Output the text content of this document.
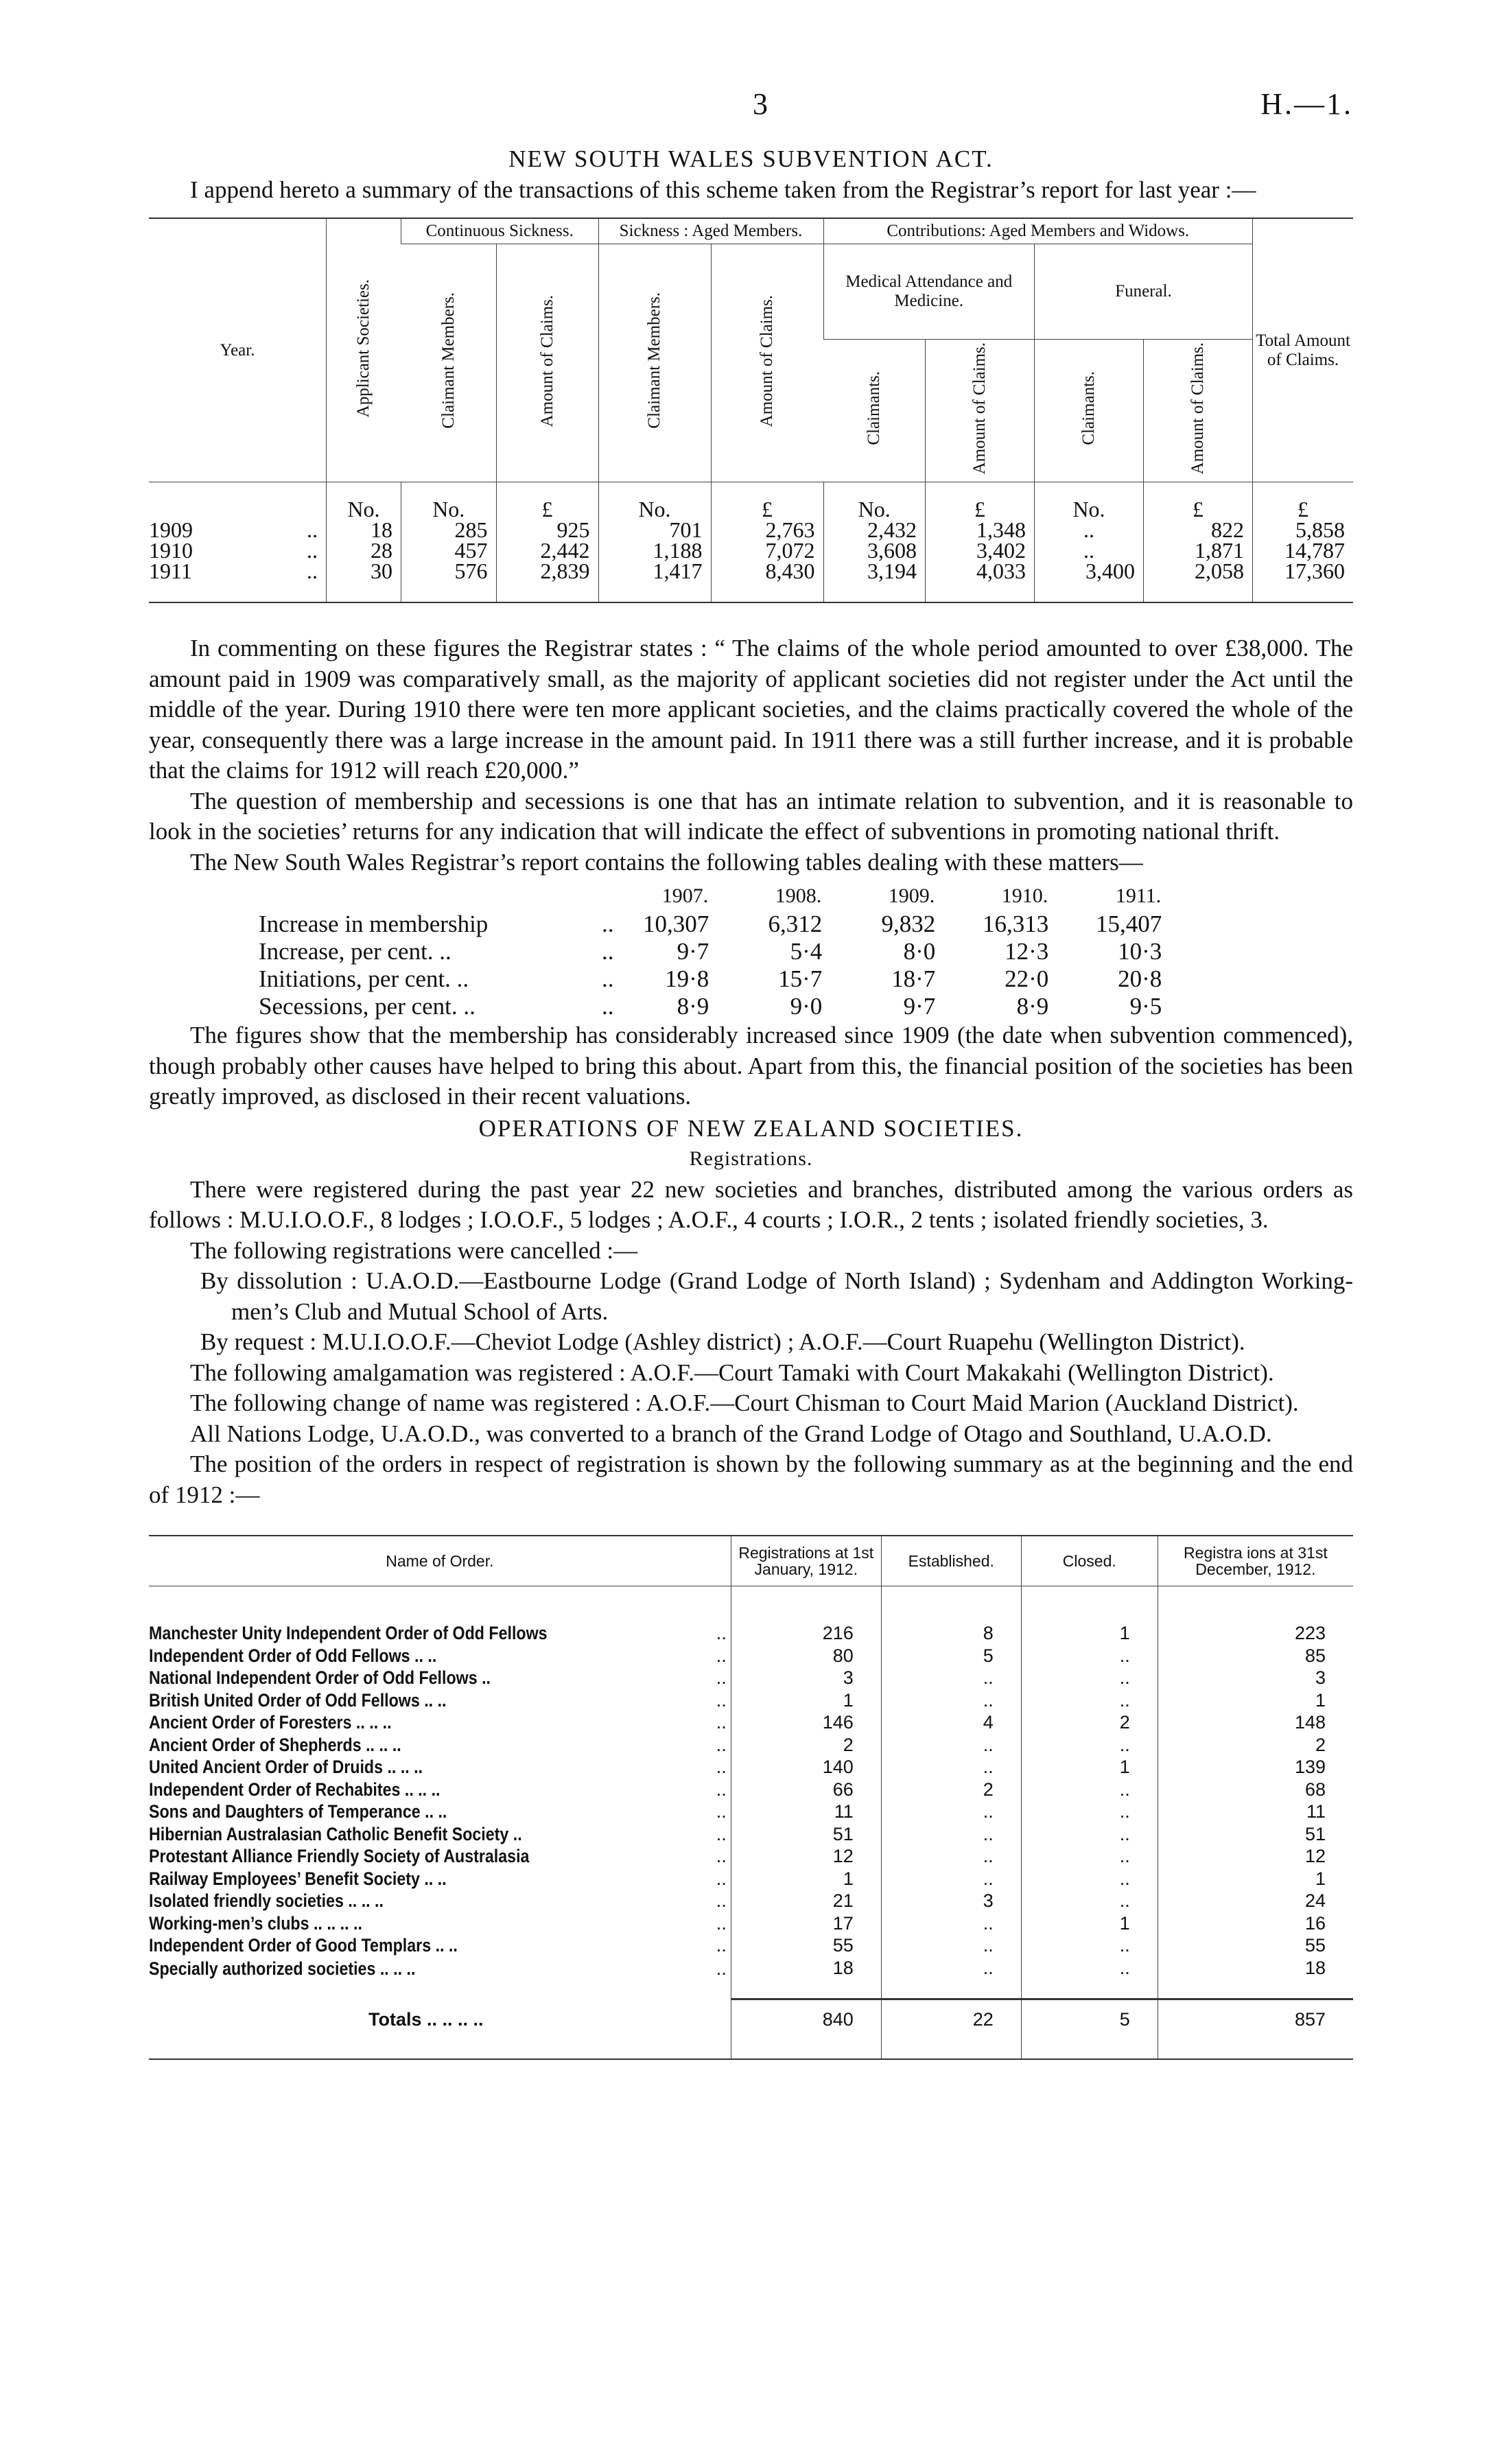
3	H.—1.
NEW SOUTH WALES SUBVENTION ACT.

I append hereto a summary of the transactions of this scheme taken from the Registrar’s report for last year :—

Year.	Applicant Societies.	Continuous Sickness.		Sickness : Aged Members.		Contributions: Aged Members and Widows.				Total Amount of Claims.
		Claimant Members.	Amount of Claims.	Claimant Members.	Amount of Claims.	Medical Attendance and Medicine.		Funeral.		
						Claimants.	Amount of Claims.	Claimants.	Amount of Claims.	
	No.	No.	£	No.	£	No.	£	No.	£	£
1909 ..	18	285	925	701	2,763	2,432	1,348	..	822	5,858
1910 ..	28	457	2,442	1,188	7,072	3,608	3,402	..	1,871	14,787
1911 ..	30	576	2,839	1,417	8,430	3,194	4,033	3,400	2,058	17,360

In commenting on these figures the Registrar states : “ The claims of the whole period amounted to over £38,000. The amount paid in 1909 was comparatively small, as the majority of applicant societies did not register under the Act until the middle of the year. During 1910 there were ten more applicant societies, and the claims practically covered the whole of the year, consequently there was a large increase in the amount paid. In 1911 there was a still further increase, and it is probable that the claims for 1912 will reach £20,000.”

The question of membership and secessions is one that has an intimate relation to subvention, and it is reasonable to look in the societies’ returns for any indication that will indicate the effect of subventions in promoting national thrift.

The New South Wales Registrar’s report contains the following tables dealing with these matters—

		1907.	1908.	1909.	1910.	1911.
Increase in membership	..	10,307	6,312	9,832	16,313	15,407
Increase, per cent. ..	..	9·7	5·4	8·0	12·3	10·3
Initiations, per cent. ..	..	19·8	15·7	18·7	22·0	20·8
Secessions, per cent. ..	..	8·9	9·0	9·7	8·9	9·5

The figures show that the membership has considerably increased since 1909 (the date when subvention commenced), though probably other causes have helped to bring this about. Apart from this, the financial position of the societies has been greatly improved, as disclosed in their recent valuations.

OPERATIONS OF NEW ZEALAND SOCIETIES.
Registrations.

There were registered during the past year 22 new societies and branches, distributed among the various orders as follows : M.U.I.O.O.F., 8 lodges ; I.O.O.F., 5 lodges ; A.O.F., 4 courts ; I.O.R., 2 tents ; isolated friendly societies, 3.

The following registrations were cancelled :—

By dissolution : U.A.O.D.—Eastbourne Lodge (Grand Lodge of North Island) ; Sydenham and Addington Working-men’s Club and Mutual School of Arts.

By request : M.U.I.O.O.F.—Cheviot Lodge (Ashley district) ; A.O.F.—Court Ruapehu (Wellington District).

The following amalgamation was registered : A.O.F.—Court Tamaki with Court Makakahi (Wellington District).

The following change of name was registered : A.O.F.—Court Chisman to Court Maid Marion (Auckland District).

All Nations Lodge, U.A.O.D., was converted to a branch of the Grand Lodge of Otago and Southland, U.A.O.D.

The position of the orders in respect of registration is shown by the following summary as at the beginning and the end of 1912 :—

Name of Order.		Registrations at 1st January, 1912.	Established.	Closed.	Registra ions at 31st December, 1912.
Manchester Unity Independent Order of Odd Fellows	..	216	8	1	223
Independent Order of Odd Fellows .. ..	..	80	5	..	85
National Independent Order of Odd Fellows ..	..	3	..	..	3
British United Order of Odd Fellows .. ..	..	1	..	..	1
Ancient Order of Foresters .. .. ..	..	146	4	2	148
Ancient Order of Shepherds .. .. ..	..	2	..	..	2
United Ancient Order of Druids .. .. ..	..	140	..	1	139
Independent Order of Rechabites .. .. ..	..	66	2	..	68
Sons and Daughters of Temperance .. ..	..	11	..	..	11
Hibernian Australasian Catholic Benefit Society ..	..	51	..	..	51
Protestant Alliance Friendly Society of Australasia	..	12	..	..	12
Railway Employees’ Benefit Society .. ..	..	1	..	..	1
Isolated friendly societies .. .. ..	..	21	3	..	24
Working-men’s clubs .. .. .. ..	..	17	..	1	16
Independent Order of Good Templars .. ..	..	55	..	..	55
Specially authorized societies .. .. ..	..	18	..	..	18
Totals .. .. .. ..		840	22	5	857
